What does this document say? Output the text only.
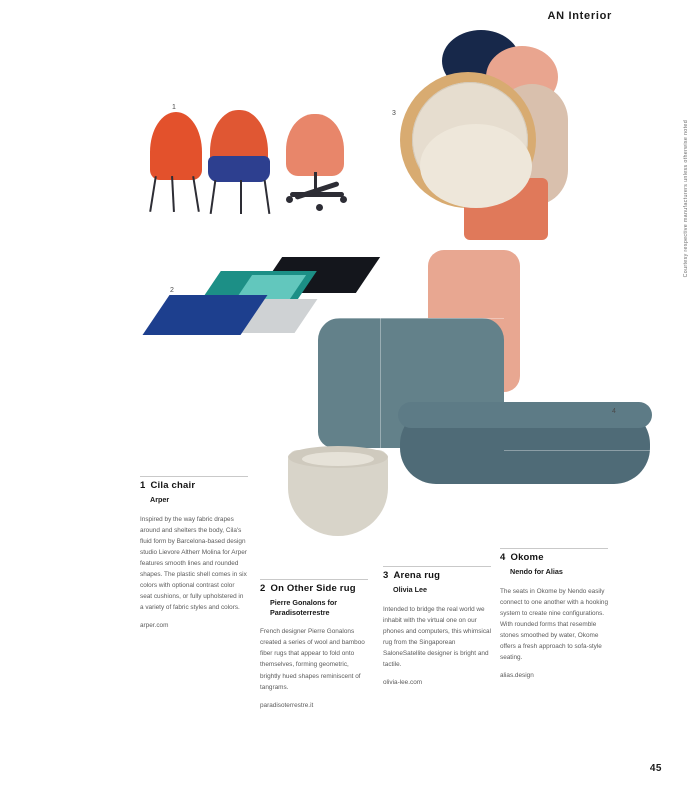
AN Interior
Courtesy respective manufacturers unless otherwise noted
45
1
3
2
4

1 Cila chair

Arper

Inspired by the way fabric drapes around and shelters the body, Cila's fluid form by Barcelona-based design studio Lievore Altherr Molina for Arper features smooth lines and rounded shapes. The plastic shell comes in six colors with optional contrast color seat cushions, or fully upholstered in a variety of fabric styles and colors.

arper.com

2 On Other Side rug

Pierre Gonalons for Paradisoterrestre

French designer Pierre Gonalons created a series of wool and bamboo fiber rugs that appear to fold onto themselves, forming geometric, brightly hued shapes reminiscent of tangrams.

paradisoterrestre.it

3 Arena rug

Olivia Lee

Intended to bridge the real world we inhabit with the virtual one on our phones and computers, this whimsical rug from the Singaporean SaloneSatellite designer is bright and tactile.

olivia-lee.com

4 Okome

Nendo for Alias

The seats in Okome by Nendo easily connect to one another with a hooking system to create nine configurations. With rounded forms that resemble stones smoothed by water, Okome offers a fresh approach to sofa-style seating.

alias.design
